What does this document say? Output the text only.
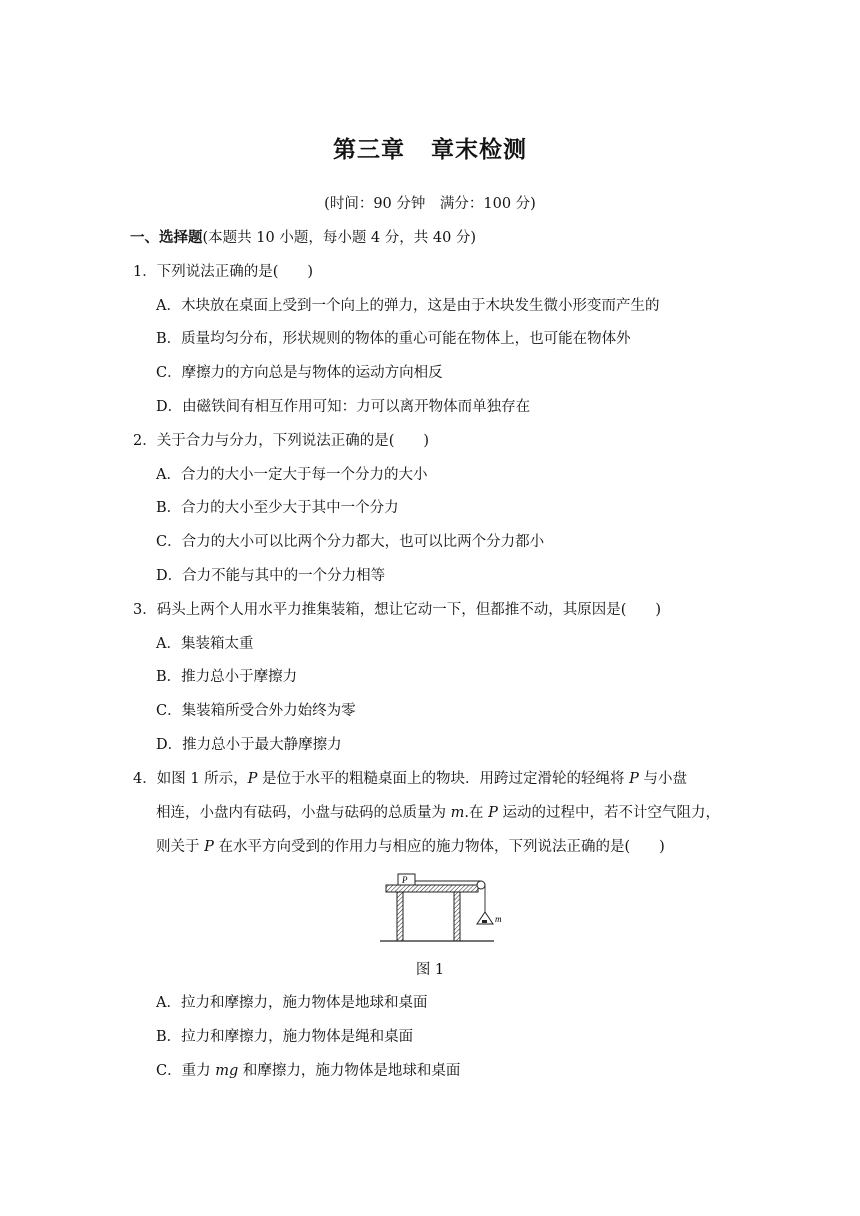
第三章 章末检测
(时间：90 分钟　满分：100 分)
一、选择题(本题共 10 小题，每小题 4 分，共 40 分)
1．下列说法正确的是(　　)
A．木块放在桌面上受到一个向上的弹力，这是由于木块发生微小形变而产生的
B．质量均匀分布，形状规则的物体的重心可能在物体上，也可能在物体外
C．摩擦力的方向总是与物体的运动方向相反
D．由磁铁间有相互作用可知：力可以离开物体而单独存在
2．关于合力与分力，下列说法正确的是(　　)
A．合力的大小一定大于每一个分力的大小
B．合力的大小至少大于其中一个分力
C．合力的大小可以比两个分力都大，也可以比两个分力都小
D．合力不能与其中的一个分力相等
3．码头上两个人用水平力推集装箱，想让它动一下，但都推不动，其原因是(　　)
A．集装箱太重
B．推力总小于摩擦力
C．集装箱所受合外力始终为零
D．推力总小于最大静摩擦力
4．如图 1 所示，P 是位于水平的粗糙桌面上的物块．用跨过定滑轮的轻绳将 P 与小盘
相连，小盘内有砝码，小盘与砝码的总质量为 m.在 P 运动的过程中，若不计空气阻力，
则关于 P 在水平方向受到的作用力与相应的施力物体，下列说法正确的是(　　)
P
m
图 1
A．拉力和摩擦力，施力物体是地球和桌面
B．拉力和摩擦力，施力物体是绳和桌面
C．重力 mg 和摩擦力，施力物体是地球和桌面
